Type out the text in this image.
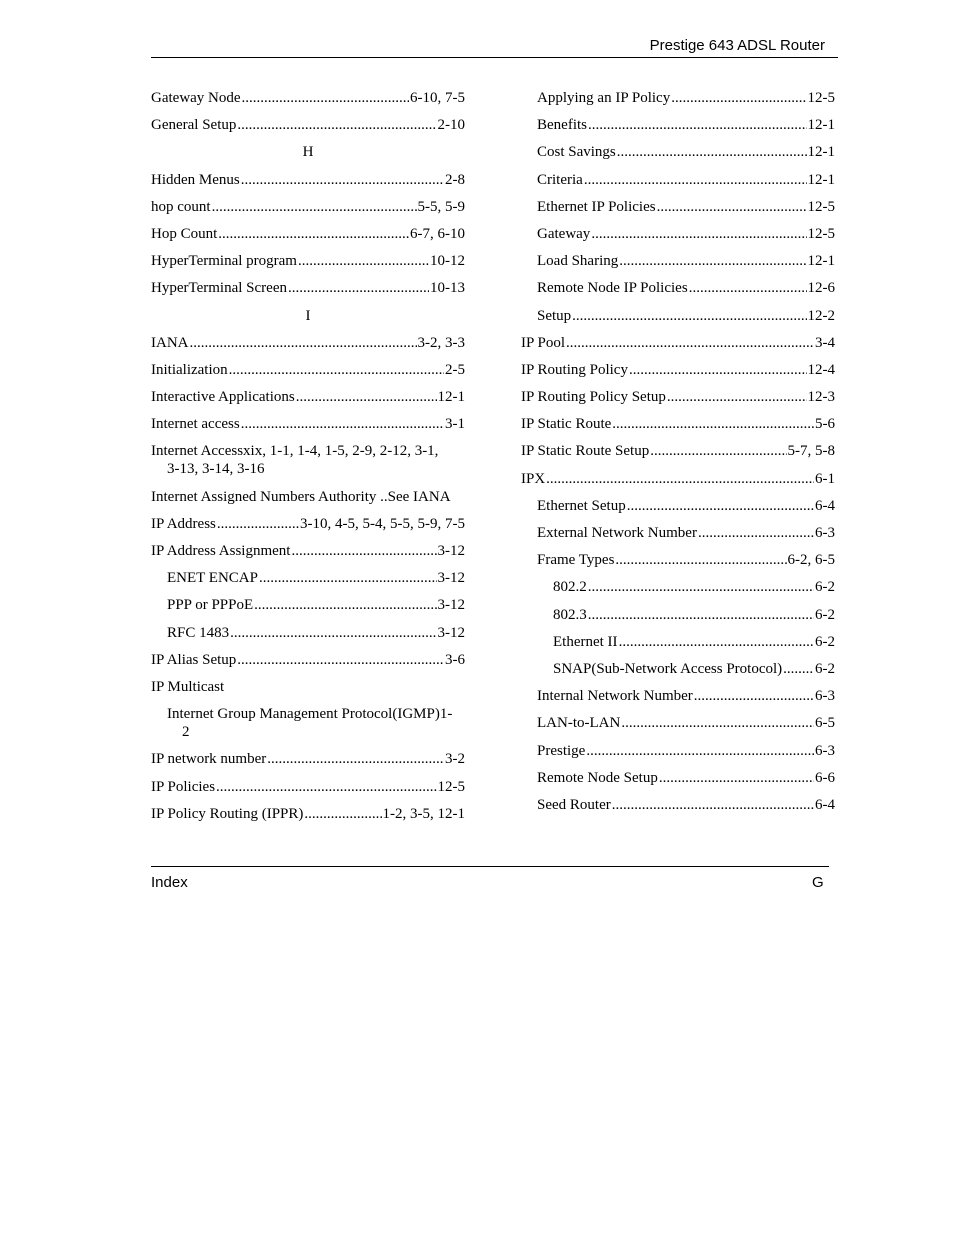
Prestige 643 ADSL Router
Gateway Node .....	6-10, 7-5
General Setup .....	2-10
H
Hidden Menus .....	2-8
hop count .....	5-5, 5-9
Hop Count .....	6-7, 6-10
HyperTerminal program .....	10-12
HyperTerminal Screen .....	10-13
I
IANA .....	3-2, 3-3
Initialization .....	2-5
Interactive Applications .....	12-1
Internet access .....	3-1
Internet Access xix, 1-1, 1-4, 1-5, 2-9, 2-12, 3-1,
3-13, 3-14, 3-16
Internet Assigned Numbers Authority ..See IANA
IP Address .....	3-10, 4-5, 5-4, 5-5, 5-9, 7-5
IP Address Assignment .....	3-12
ENET ENCAP .....	3-12
PPP or PPPoE .....	3-12
RFC 1483 .....	3-12
IP Alias Setup .....	3-6
IP Multicast
Internet Group Management Protocol(IGMP) 1-
2
IP network number .....	3-2
IP Policies .....	12-5
IP Policy Routing (IPPR) .....	1-2, 3-5, 12-1
Applying an IP Policy .....	12-5
Benefits .....	12-1
Cost Savings .....	12-1
Criteria .....	12-1
Ethernet IP Policies .....	12-5
Gateway .....	12-5
Load Sharing .....	12-1
Remote Node IP Policies .....	12-6
Setup .....	12-2
IP Pool .....	3-4
IP Routing Policy .....	12-4
IP Routing Policy Setup .....	12-3
IP Static Route .....	5-6
IP Static Route Setup .....	5-7, 5-8
IPX .....	6-1
Ethernet Setup .....	6-4
External Network Number .....	6-3
Frame Types .....	6-2, 6-5
802.2 .....	6-2
802.3 .....	6-2
Ethernet II .....	6-2
SNAP(Sub-Network Access Protocol) ..... 6-2
Internal Network Number .....	6-3
LAN-to-LAN .....	6-5
Prestige .....	6-3
Remote Node Setup .....	6-6
Seed Router .....	6-4
Index	G
